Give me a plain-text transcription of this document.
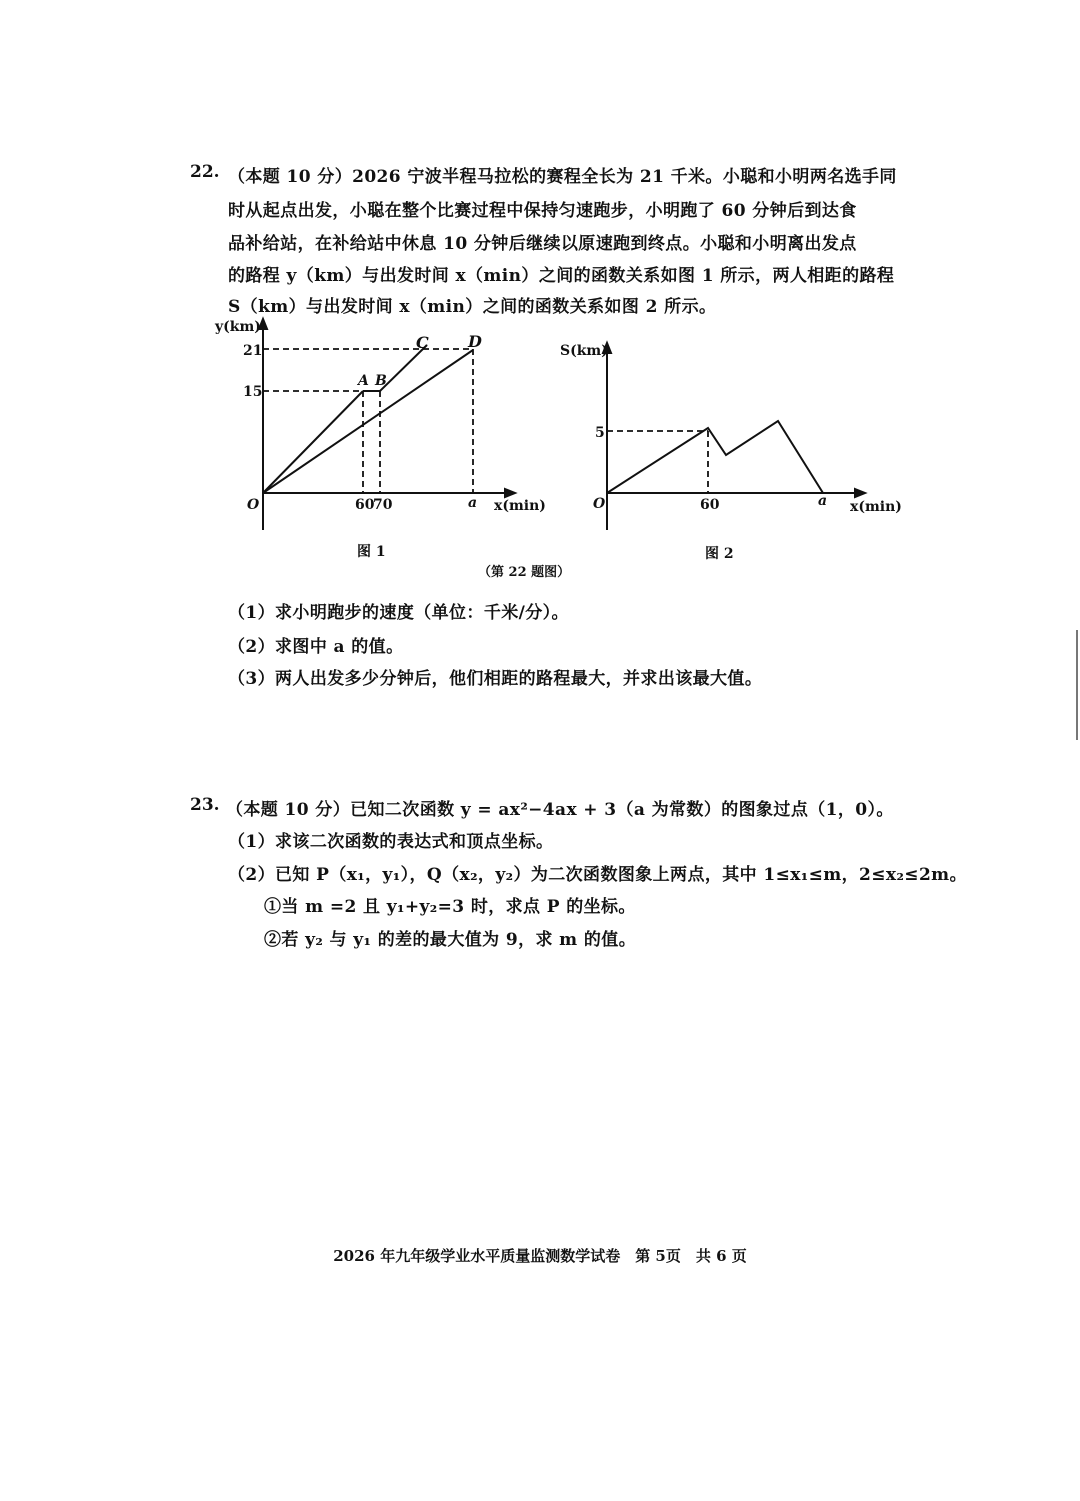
22. （本题 10 分）2026 宁波半程马拉松的赛程全长为 21 千米。小聪和小明两名选手同
时从起点出发，小聪在整个比赛过程中保持匀速跑步，小明跑了 60 分钟后到达食
品补给站，在补给站中休息 10 分钟后继续以原速跑到终点。小聪和小明离出发点
的路程 y（km）与出发时间 x（min）之间的函数关系如图 1 所示，两人相距的路程
S（km）与出发时间 x（min）之间的函数关系如图 2 所示。
y(km)
21
15
O	60
70	a x(min)
A B
C D
图 1
S(km)
5
O	60	a x(min)
图 2
（第 22 题图）
（1）求小明跑步的速度（单位：千米/分）。
（2）求图中 a 的值。
（3）两人出发多少分钟后，他们相距的路程最大，并求出该最大值。
23. （本题 10 分）已知二次函数 y = ax²−4ax + 3（a 为常数）的图象过点（1，0）。
（1）求该二次函数的表达式和顶点坐标。
（2）已知 P（x₁，y₁），Q（x₂，y₂）为二次函数图象上两点，其中 1≤x₁≤m，2≤x₂≤2m。
①当 m =2 且 y₁+y₂=3 时，求点 P 的坐标。
②若 y₂ 与 y₁ 的差的最大值为 9，求 m 的值。
2026 年九年级学业水平质量监测数学试卷　第 5页　共 6 页
